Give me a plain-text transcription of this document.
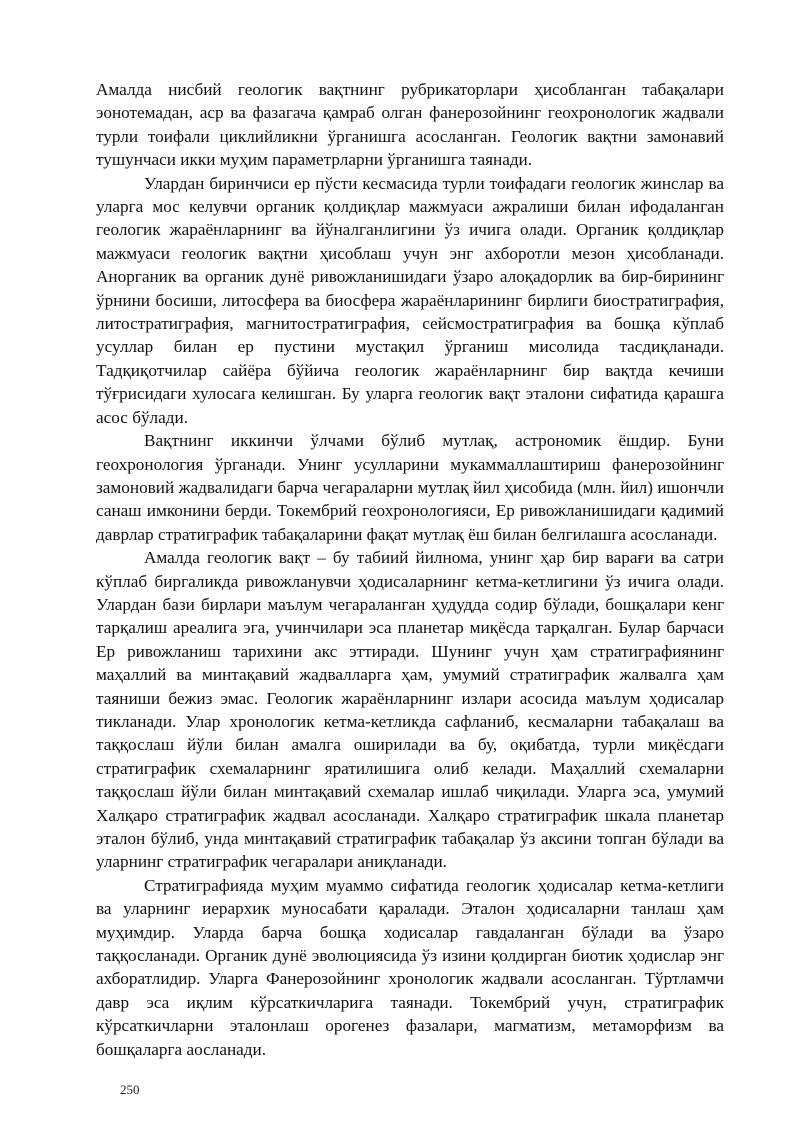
Амалда нисбий геологик вақтнинг рубрикаторлари ҳисобланган табақалари эонотемадан, аср ва фазагача қамраб олган фанерозойнинг геохронологик жадвали турли тоифали циклийликни ўрганишга асосланган. Геологик вақтни замонавий тушунчаси икки муҳим параметрларни ўрганишга таянади.

Улардан биринчиси ер пўсти кесмасида турли тоифадаги геологик жинслар ва уларга мос келувчи органик қолдиқлар мажмуаси ажралиши билан ифодаланган геологик жараёнларнинг ва йўналганлигини ўз ичига олади. Органик қолдиқлар мажмуаси геологик вақтни ҳисоблаш учун энг ахборотли мезон ҳисобланади. Анорганик ва органик дунё ривожланишидаги ўзаро алоқадорлик ва бир-бирининг ўрнини босиши, литосфера ва биосфера жараёнларининг бирлиги биостратиграфия, литостратиграфия, магнитостратиграфия, сейсмостратиграфия ва бошқа кўплаб усуллар билан ер пустини мустақил ўрганиш мисолида тасдиқланади. Тадқиқотчилар сайёра бўйича геологик жараёнларнинг бир вақтда кечиши тўғрисидаги хулосага келишган. Бу уларга геологик вақт эталони сифатида қарашга асос бўлади.

Вақтнинг иккинчи ўлчами бўлиб мутлақ, астрономик ёшдир. Буни геохронология ўрганади. Унинг усулларини мукаммаллаштириш фанерозойнинг замоновий жадвалидаги барча чегараларни мутлақ йил ҳисобида (млн. йил) ишончли санаш имконини берди. Токембрий геохронологияси, Ер ривожланишидаги қадимий даврлар стратиграфик табақаларини фақат мутлақ ёш билан белгилашга асосланади.

Амалда геологик вақт – бу табиий йилнома, унинг ҳар бир варағи ва сатри кўплаб биргаликда ривожланувчи ҳодисаларнинг кетма-кетлигини ўз ичига олади. Улардан бази бирлари маълум чегараланган ҳудудда содир бўлади, бошқалари кенг тарқалиш ареалига эга, учинчилари эса планетар миқёсда тарқалган. Булар барчаси Ер ривожланиш тарихини акс эттиради. Шунинг учун ҳам стратиграфиянинг маҳаллий ва минтақавий жадвалларга ҳам, умумий стратиграфик жалвалга ҳам таяниши бежиз эмас. Геологик жараёнларнинг излари асосида маълум ҳодисалар тикланади. Улар хронологик кетма-кетликда сафланиб, кесмаларни табақалаш ва таққослаш йўли билан амалга оширилади ва бу, оқибатда, турли миқёсдаги стратиграфик схемаларнинг яратилишига олиб келади. Маҳаллий схемаларни таққослаш йўли билан минтақавий схемалар ишлаб чиқилади. Уларга эса, умумий Халқаро стратиграфик жадвал асосланади. Халқаро стратиграфик шкала планетар эталон бўлиб, унда минтақавий стратиграфик табақалар ўз аксини топган бўлади ва уларнинг стратиграфик чегаралари аниқланади.

Стратиграфияда муҳим муаммо сифатида геологик ҳодисалар кетма-кетлиги ва уларнинг иерархик муносабати қаралади. Эталон ҳодисаларни танлаш ҳам муҳимдир. Уларда барча бошқа ходисалар гавдаланган бўлади ва ўзаро таққосланади. Органик дунё эволюциясида ўз изини қолдирган биотик ҳодислар энг ахборатлидир. Уларга Фанерозойнинг хронологик жадвали асосланган. Тўртламчи давр эса иқлим кўрсаткичларига таянади. Токембрий учун, стратиграфик кўрсаткичларни эталонлаш орогенез фазалари, магматизм, метаморфизм ва бошқаларга аосланади.

250
